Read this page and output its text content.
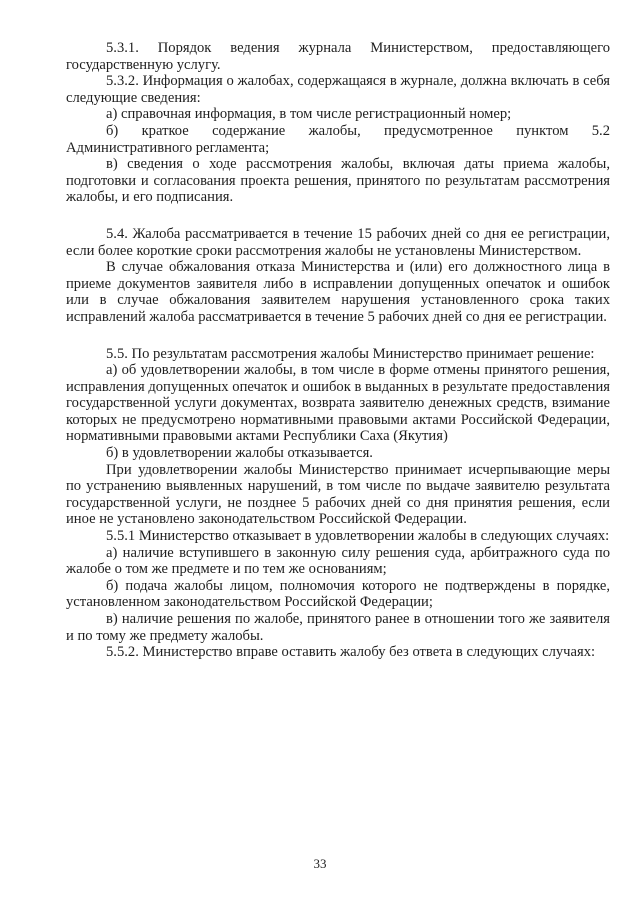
5.3.1. Порядок ведения журнала Министерством, предоставляющего государственную услугу.

5.3.2. Информация о жалобах, содержащаяся в журнале, должна включать в себя следующие сведения:

а) справочная информация, в том числе регистрационный номер;

б) краткое содержание жалобы, предусмотренное пунктом 5.2 Административного регламента;

в) сведения о ходе рассмотрения жалобы, включая даты приема жалобы, подготовки и согласования проекта решения, принятого по результатам рассмотрения жалобы, и его подписания.

5.4. Жалоба рассматривается в течение 15 рабочих дней со дня ее регистрации, если более короткие сроки рассмотрения жалобы не установлены Министерством.

В случае обжалования отказа Министерства и (или) его должностного лица в приеме документов заявителя либо в исправлении допущенных опечаток и ошибок или в случае обжалования заявителем нарушения установленного срока таких исправлений жалоба рассматривается в течение 5 рабочих дней со дня ее регистрации.

5.5. По результатам рассмотрения жалобы Министерство принимает решение:

а) об удовлетворении жалобы, в том числе в форме отмены принятого решения, исправления допущенных опечаток и ошибок в выданных в результате предоставления государственной услуги документах, возврата заявителю денежных средств, взимание которых не предусмотрено нормативными правовыми актами Российской Федерации, нормативными правовыми актами Республики Саха (Якутия)

б) в удовлетворении жалобы отказывается.

При удовлетворении жалобы Министерство принимает исчерпывающие меры по устранению выявленных нарушений, в том числе по выдаче заявителю результата государственной услуги, не позднее 5 рабочих дней со дня принятия решения, если иное не установлено законодательством Российской Федерации.

5.5.1 Министерство отказывает в удовлетворении жалобы в следующих случаях:

а) наличие вступившего в законную силу решения суда, арбитражного суда по жалобе о том же предмете и по тем же основаниям;

б) подача жалобы лицом, полномочия которого не подтверждены в порядке, установленном законодательством Российской Федерации;

в) наличие решения по жалобе, принятого ранее в отношении того же заявителя и по тому же предмету жалобы.

5.5.2. Министерство вправе оставить жалобу без ответа в следующих случаях:

33
